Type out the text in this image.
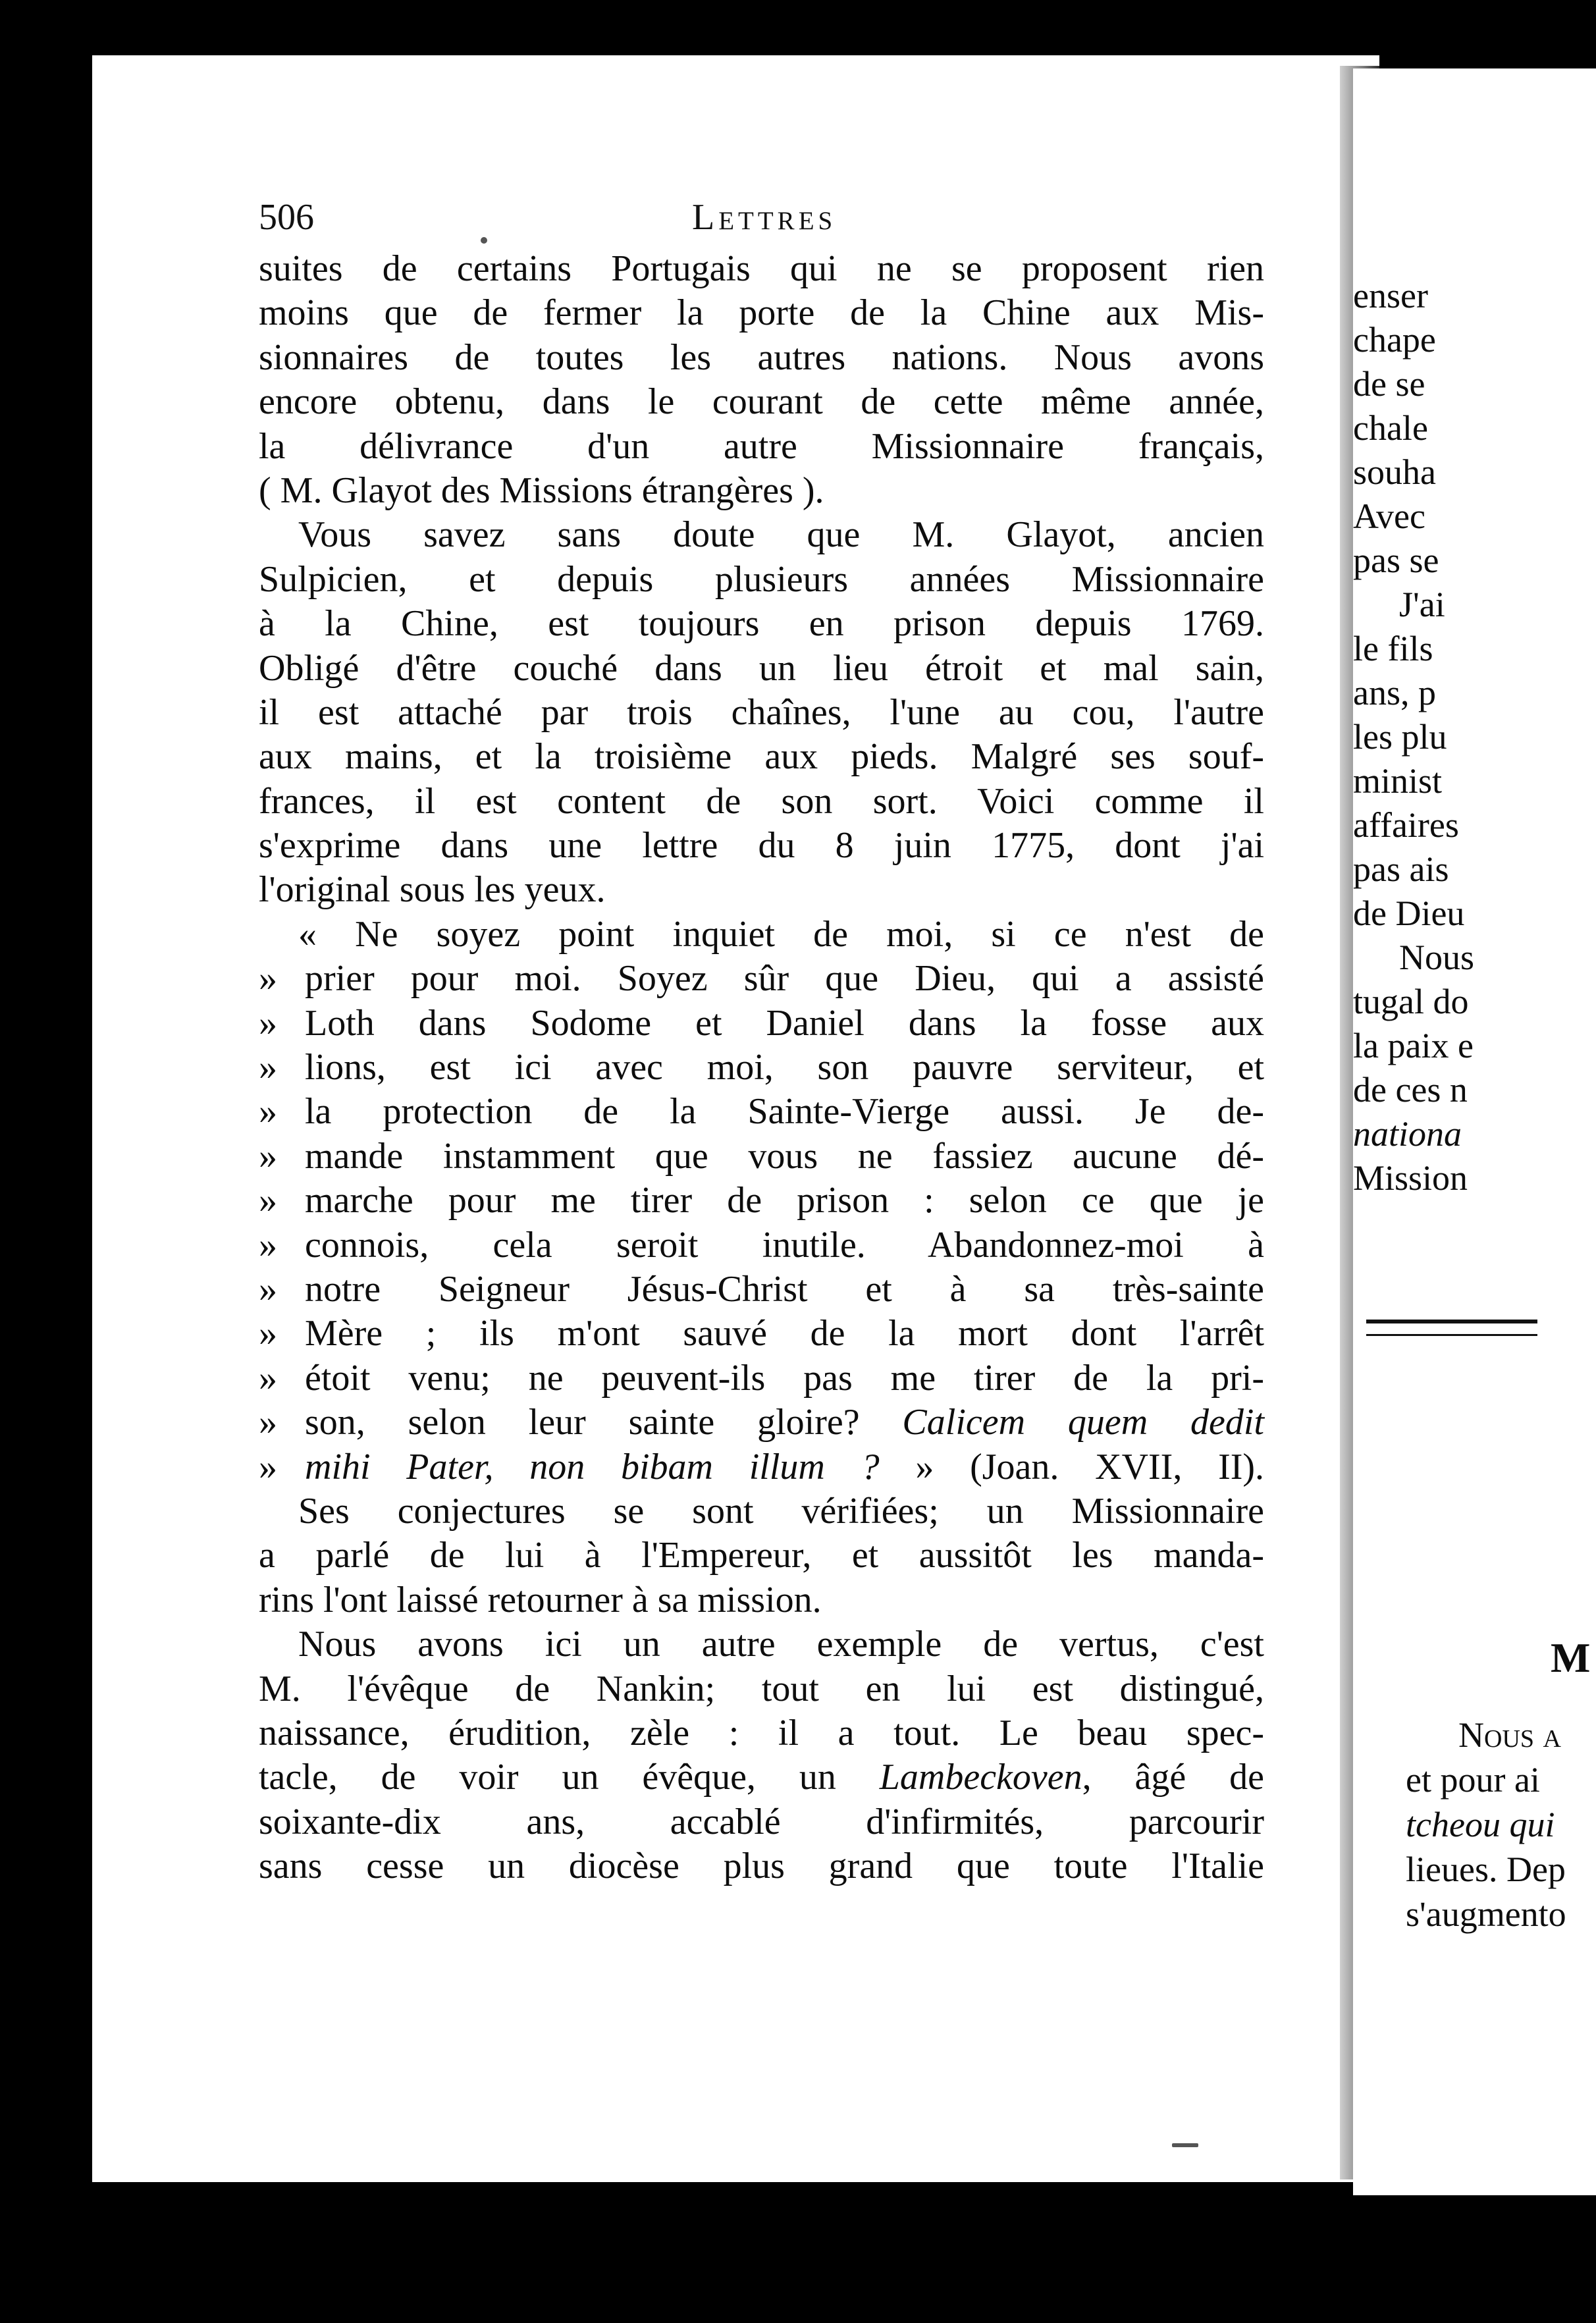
enser
chape
de se
chale
souha
Avec
pas se
J'ai
le fils
ans, p
les plu
minist
affaires
pas ais
de Dieu
Nous
tugal do
la paix e
de ces n
nationa
Mission
M
Nous a
et pour ai
tcheou qui
lieues. Dep
s'augmento
506	Lettres
suites de certains Portugais qui ne se proposent rien
moins que de fermer la porte de la Chine aux Mis-
sionnaires de toutes les autres nations. Nous avons
encore obtenu, dans le courant de cette même année,
la délivrance d'un autre Missionnaire français,
( M. Glayot des Missions étrangères ).
Vous savez sans doute que M. Glayot, ancien
Sulpicien, et depuis plusieurs années Missionnaire
à la Chine, est toujours en prison depuis 1769.
Obligé d'être couché dans un lieu étroit et mal sain,
il est attaché par trois chaînes, l'une au cou, l'autre
aux mains, et la troisième aux pieds. Malgré ses souf-
frances, il est content de son sort. Voici comme il
s'exprime dans une lettre du 8 juin 1775, dont j'ai
l'original sous les yeux.
« Ne soyez point inquiet de moi, si ce n'est de
» prier pour moi. Soyez sûr que Dieu, qui a assisté
» Loth dans Sodome et Daniel dans la fosse aux
» lions, est ici avec moi, son pauvre serviteur, et
» la protection de la Sainte-Vierge aussi. Je de-
» mande instamment que vous ne fassiez aucune dé-
» marche pour me tirer de prison : selon ce que je
» connois, cela seroit inutile. Abandonnez-moi à
» notre Seigneur Jésus-Christ et à sa très-sainte
» Mère ; ils m'ont sauvé de la mort dont l'arrêt
» étoit venu; ne peuvent-ils pas me tirer de la pri-
» son, selon leur sainte gloire? Calicem quem dedit
» mihi Pater, non bibam illum ? » (Joan. XVII, II).
Ses conjectures se sont vérifiées; un Missionnaire
a parlé de lui à l'Empereur, et aussitôt les manda-
rins l'ont laissé retourner à sa mission.
Nous avons ici un autre exemple de vertus, c'est
M. l'évêque de Nankin; tout en lui est distingué,
naissance, érudition, zèle : il a tout. Le beau spec-
tacle, de voir un évêque, un Lambeckoven, âgé de
soixante-dix ans, accablé d'infirmités, parcourir
sans cesse un diocèse plus grand que toute l'Italie
